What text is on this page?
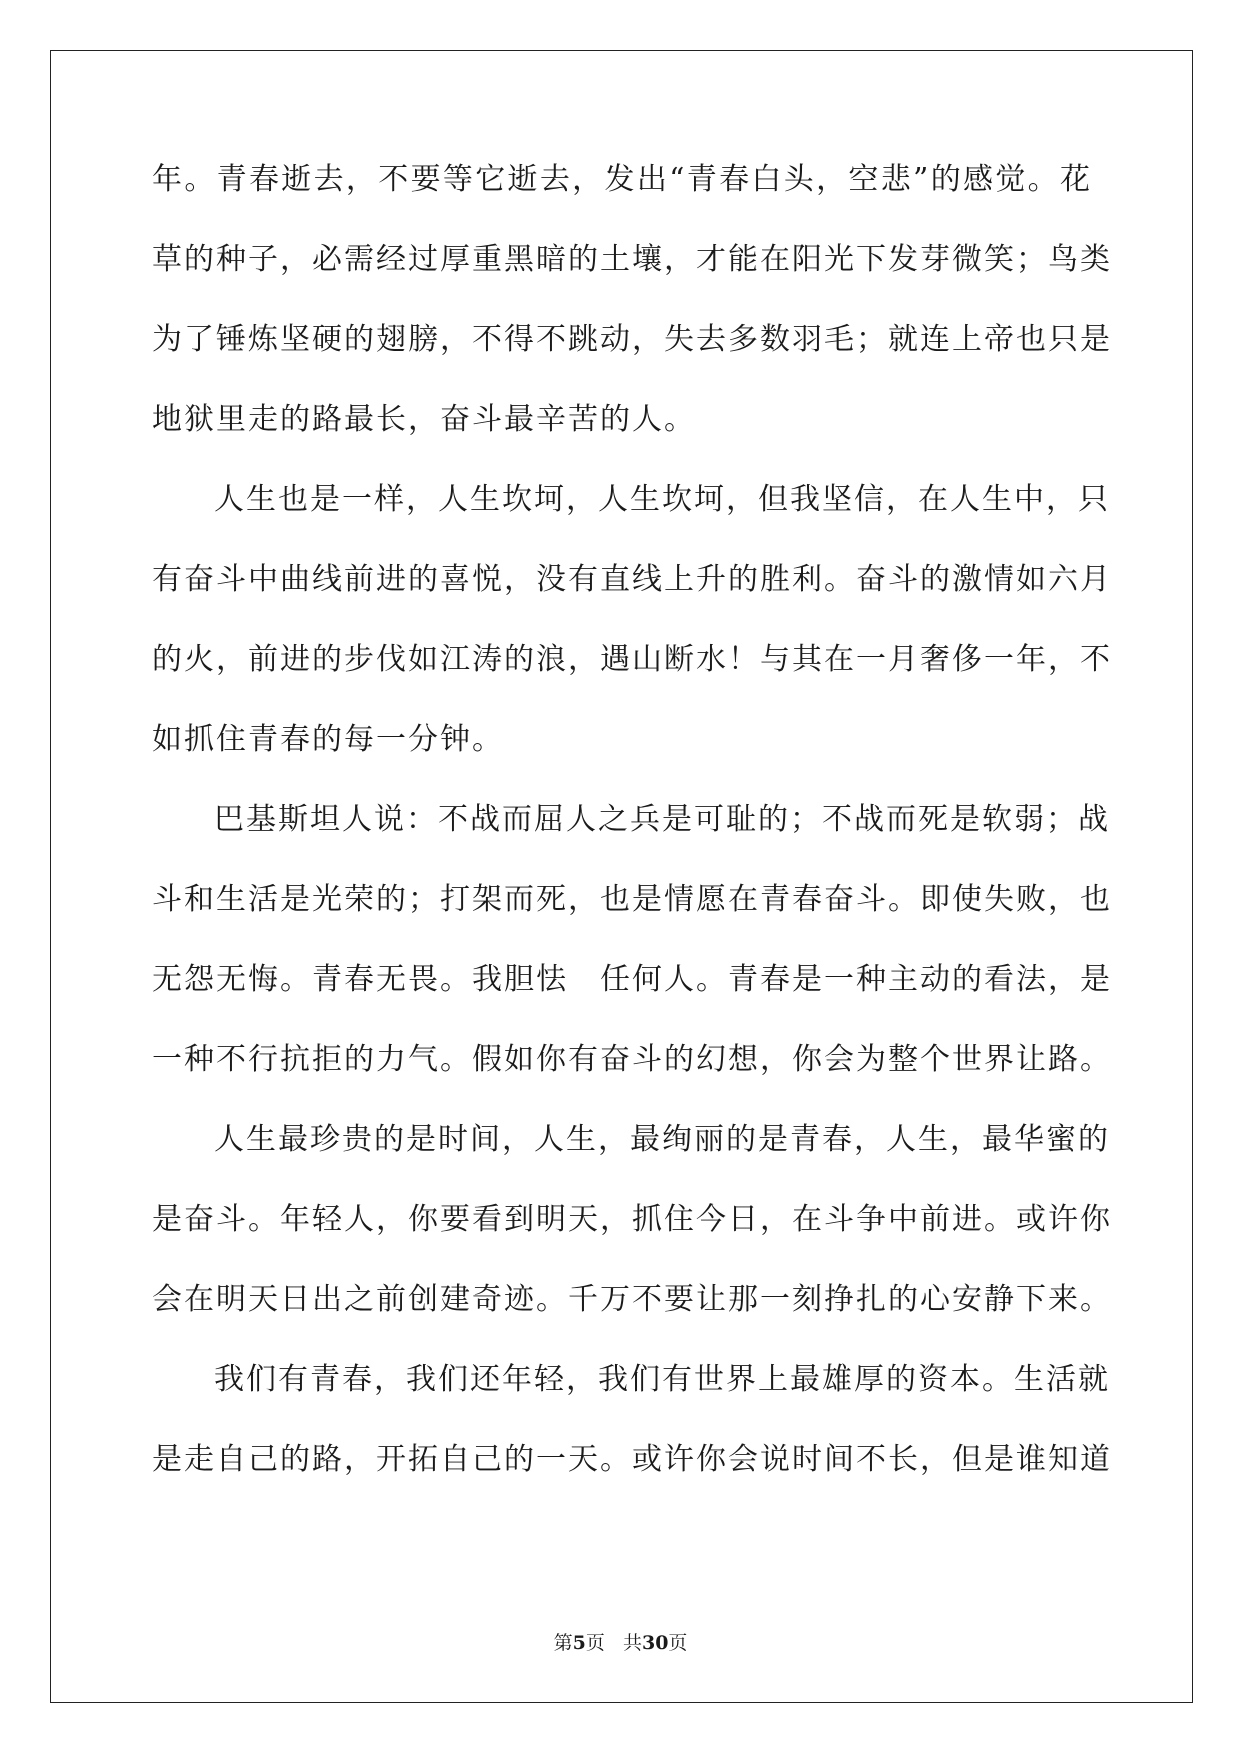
年。青春逝去，不要等它逝去，发出“青春白头，空悲”的感觉。花
草的种子，必需经过厚重黑暗的土壤，才能在阳光下发芽微笑；鸟类
为了锤炼坚硬的翅膀，不得不跳动，失去多数羽毛；就连上帝也只是
地狱里走的路最长，奋斗最辛苦的人。
人生也是一样，人生坎坷，人生坎坷，但我坚信，在人生中，只
有奋斗中曲线前进的喜悦，没有直线上升的胜利。奋斗的激情如六月
的火，前进的步伐如江涛的浪，遇山断水！与其在一月奢侈一年，不
如抓住青春的每一分钟。
巴基斯坦人说：不战而屈人之兵是可耻的；不战而死是软弱；战
斗和生活是光荣的；打架而死，也是情愿在青春奋斗。即使失败，也
无怨无悔。青春无畏。我胆怯　任何人。青春是一种主动的看法，是
一种不行抗拒的力气。假如你有奋斗的幻想，你会为整个世界让路。
人生最珍贵的是时间，人生，最绚丽的是青春，人生，最华蜜的
是奋斗。年轻人，你要看到明天，抓住今日，在斗争中前进。或许你
会在明天日出之前创建奇迹。千万不要让那一刻挣扎的心安静下来。
我们有青春，我们还年轻，我们有世界上最雄厚的资本。生活就
是走自己的路，开拓自己的一天。或许你会说时间不长，但是谁知道
第5页 共30页
